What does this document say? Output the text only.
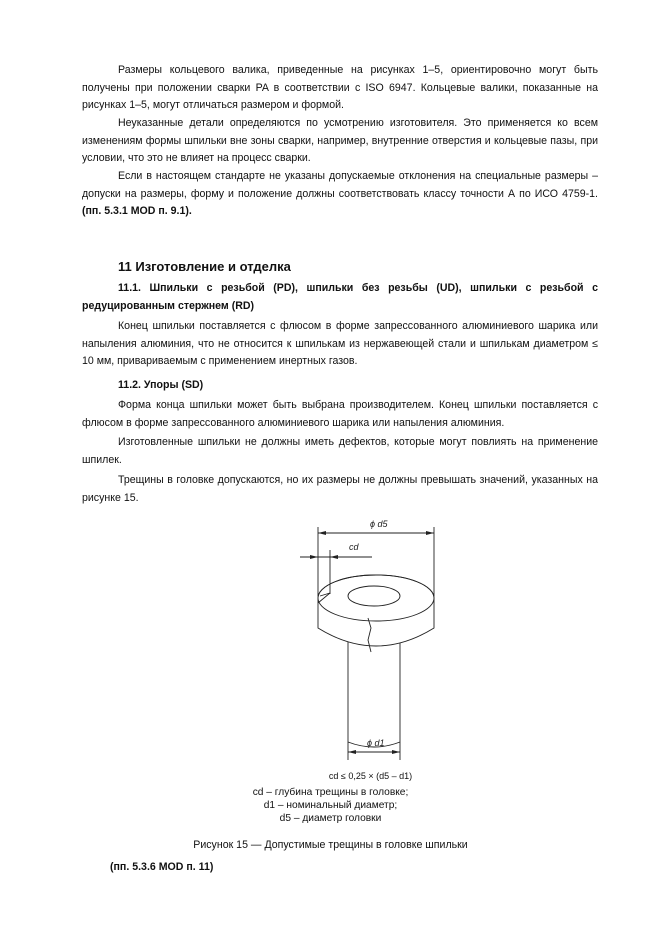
Размеры кольцевого валика, приведенные на рисунках 1–5, ориентировочно могут быть получены при положении сварки PA в соответствии с ISO 6947. Кольцевые валики, показанные на рисунках 1–5, могут отличаться размером и формой.

Неуказанные детали определяются по усмотрению изготовителя. Это применяется ко всем изменениям формы шпильки вне зоны сварки, например, внутренние отверстия и кольцевые пазы, при условии, что это не влияет на процесс сварки.

Если в настоящем стандарте не указаны допускаемые отклонения на специальные размеры – допуски на размеры, форму и положение должны соответствовать классу точности А по ИСО 4759-1. (пп. 5.3.1 MOD п. 9.1).

11 Изготовление и отделка

11.1. Шпильки с резьбой (PD), шпильки без резьбы (UD), шпильки с резьбой с редуцированным стержнем (RD)

Конец шпильки поставляется с флюсом в форме запрессованного алюминиевого шарика или напыления алюминия, что не относится к шпилькам из нержавеющей стали и шпилькам диаметром ≤ 10 мм, привариваемым с применением инертных газов.

11.2. Упоры (SD)

Форма конца шпильки может быть выбрана производителем. Конец шпильки поставляется с флюсом в форме запрессованного алюминиевого шарика или напыления алюминия.

Изготовленные шпильки не должны иметь дефектов, которые могут повлиять на применение шпилек.

Трещины в головке допускаются, но их размеры не должны превышать значений, указанных на рисунке 15.

ϕ d5
cd
ϕ d1
cd ≤ 0,25 × (d5 – d1)
cd – глубина трещины в головке;
d1 – номинальный диаметр;
d5 – диаметр головки
Рисунок 15 — Допустимые трещины в головке шпильки
(пп. 5.3.6 MOD п. 11)
